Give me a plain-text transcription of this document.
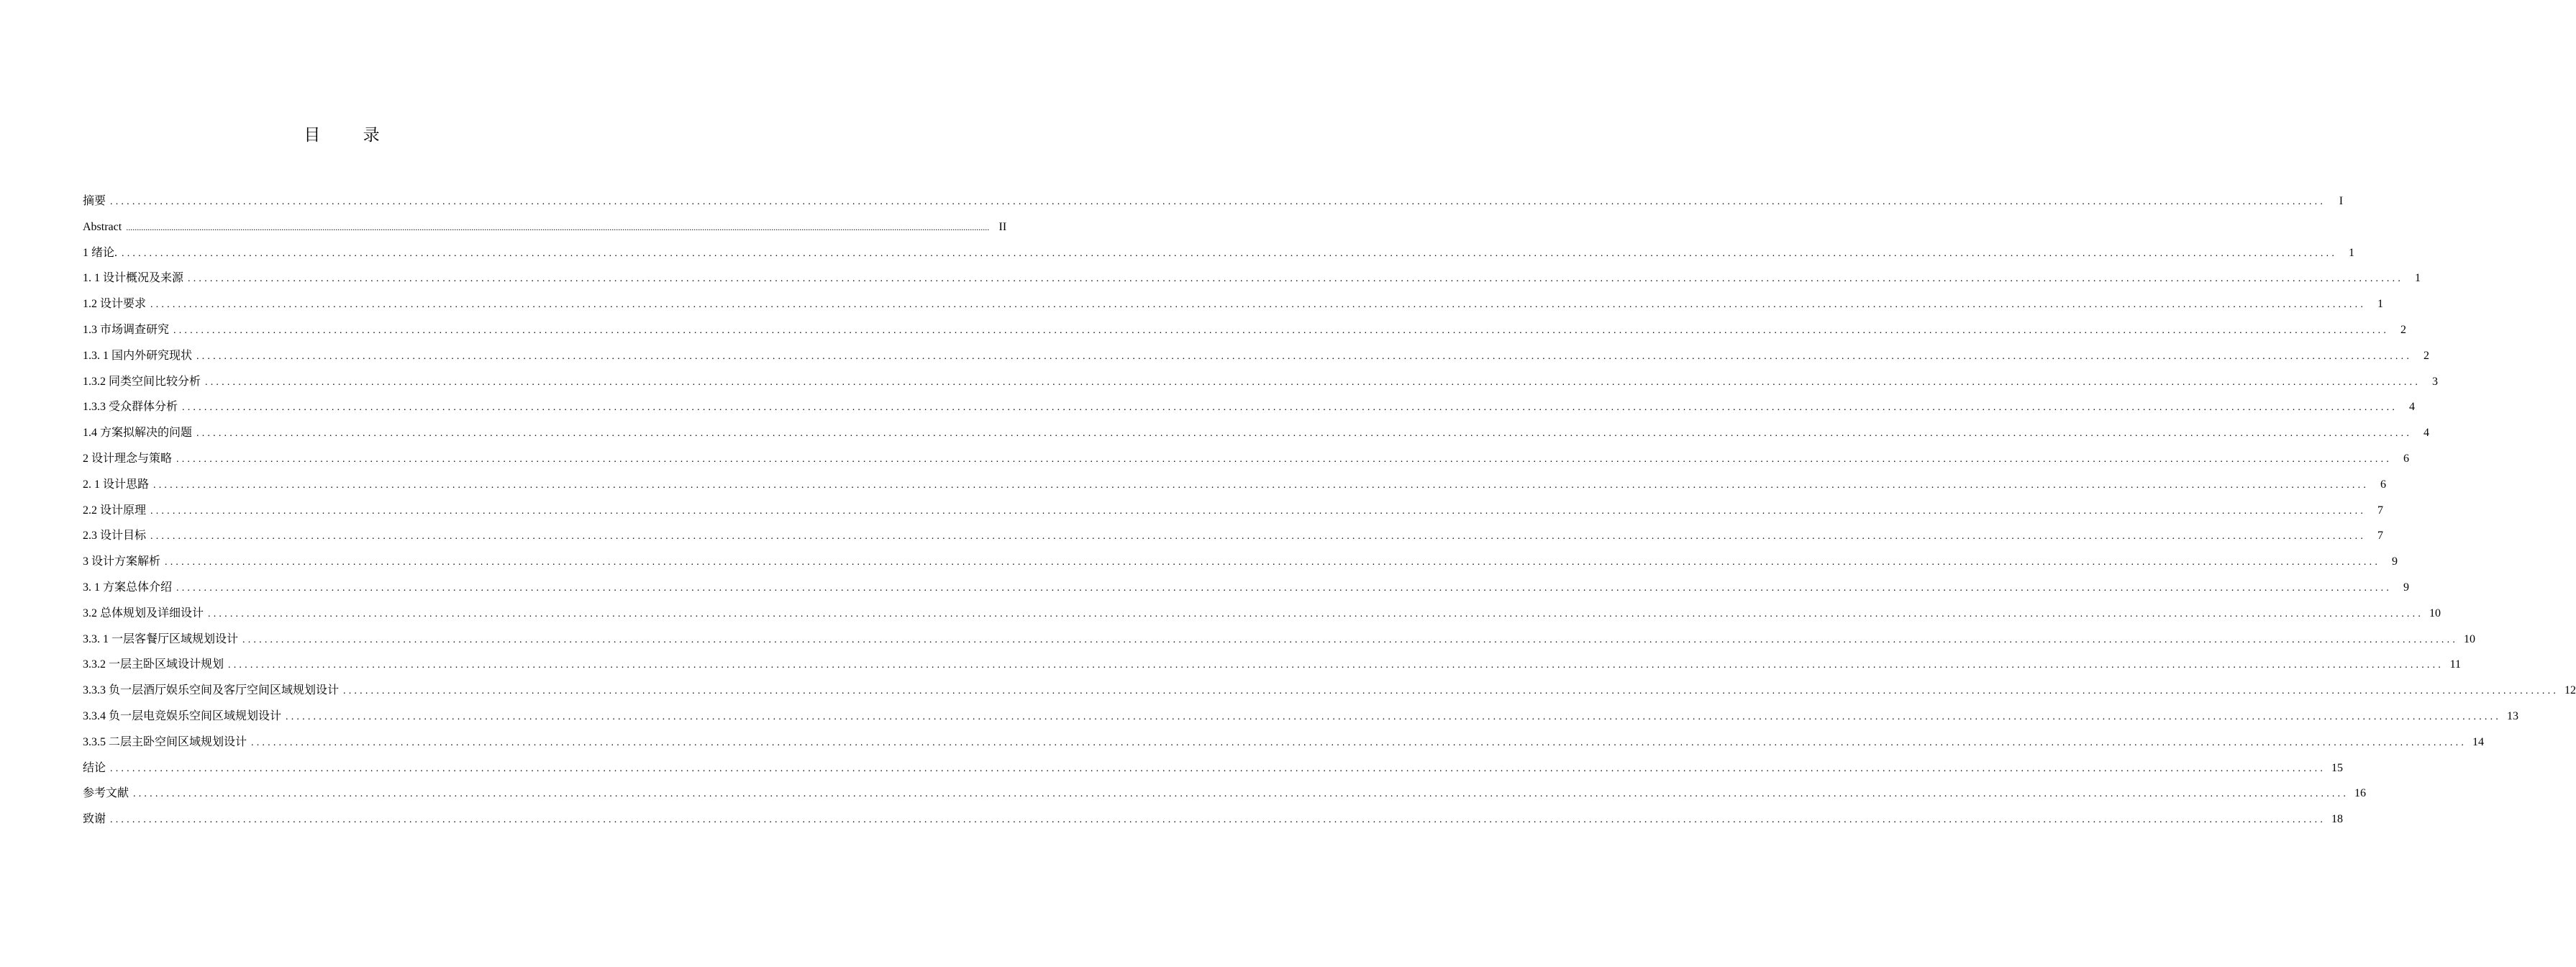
目 录
摘要 ................................................................................................................................................................................................................................................................................................................................................................................................................	I
Abstract ................................................................................................................................................................................................................................................................................................................................................................................................................ II
1 绪论. ................................................................................................................................................................................................................................................................................................................................................................................................................	1
1. 1 设计概况及来源 ................................................................................................................................................................................................................................................................................................................................................................................................................	1
1.2 设计要求 ................................................................................................................................................................................................................................................................................................................................................................................................................	1
1.3 市场调查研究 ................................................................................................................................................................................................................................................................................................................................................................................................................	2
1.3. 1 国内外研究现状 ................................................................................................................................................................................................................................................................................................................................................................................................................	2
1.3.2 同类空间比较分析 ................................................................................................................................................................................................................................................................................................................................................................................................................	3
1.3.3 受众群体分析 ................................................................................................................................................................................................................................................................................................................................................................................................................	4
1.4 方案拟解决的问题 ................................................................................................................................................................................................................................................................................................................................................................................................................	4
2 设计理念与策略 ................................................................................................................................................................................................................................................................................................................................................................................................................	6
2. 1 设计思路 ................................................................................................................................................................................................................................................................................................................................................................................................................	6
2.2 设计原理 ................................................................................................................................................................................................................................................................................................................................................................................................................	7
2.3 设计目标 ................................................................................................................................................................................................................................................................................................................................................................................................................	7
3 设计方案解析 ................................................................................................................................................................................................................................................................................................................................................................................................................	9
3. 1 方案总体介绍 ................................................................................................................................................................................................................................................................................................................................................................................................................	9
3.2 总体规划及详细设计 ................................................................................................................................................................................................................................................................................................................................................................................................................ 10
3.3. 1 一层客餐厅区域规划设计 ................................................................................................................................................................................................................................................................................................................................................................................................................ 10
3.3.2 一层主卧区域设计规划 ................................................................................................................................................................................................................................................................................................................................................................................................................ 11
3.3.3 负一层酒厅娱乐空间及客厅空间区域规划设计 ................................................................................................................................................................................................................................................................................................................................................................................................................ 12
3.3.4 负一层电竞娱乐空间区域规划设计 ................................................................................................................................................................................................................................................................................................................................................................................................................ 13
3.3.5 二层主卧空间区域规划设计 ................................................................................................................................................................................................................................................................................................................................................................................................................ 14
结论 ................................................................................................................................................................................................................................................................................................................................................................................................................ 15
参考文献 ................................................................................................................................................................................................................................................................................................................................................................................................................ 16
致谢 ................................................................................................................................................................................................................................................................................................................................................................................................................ 18
